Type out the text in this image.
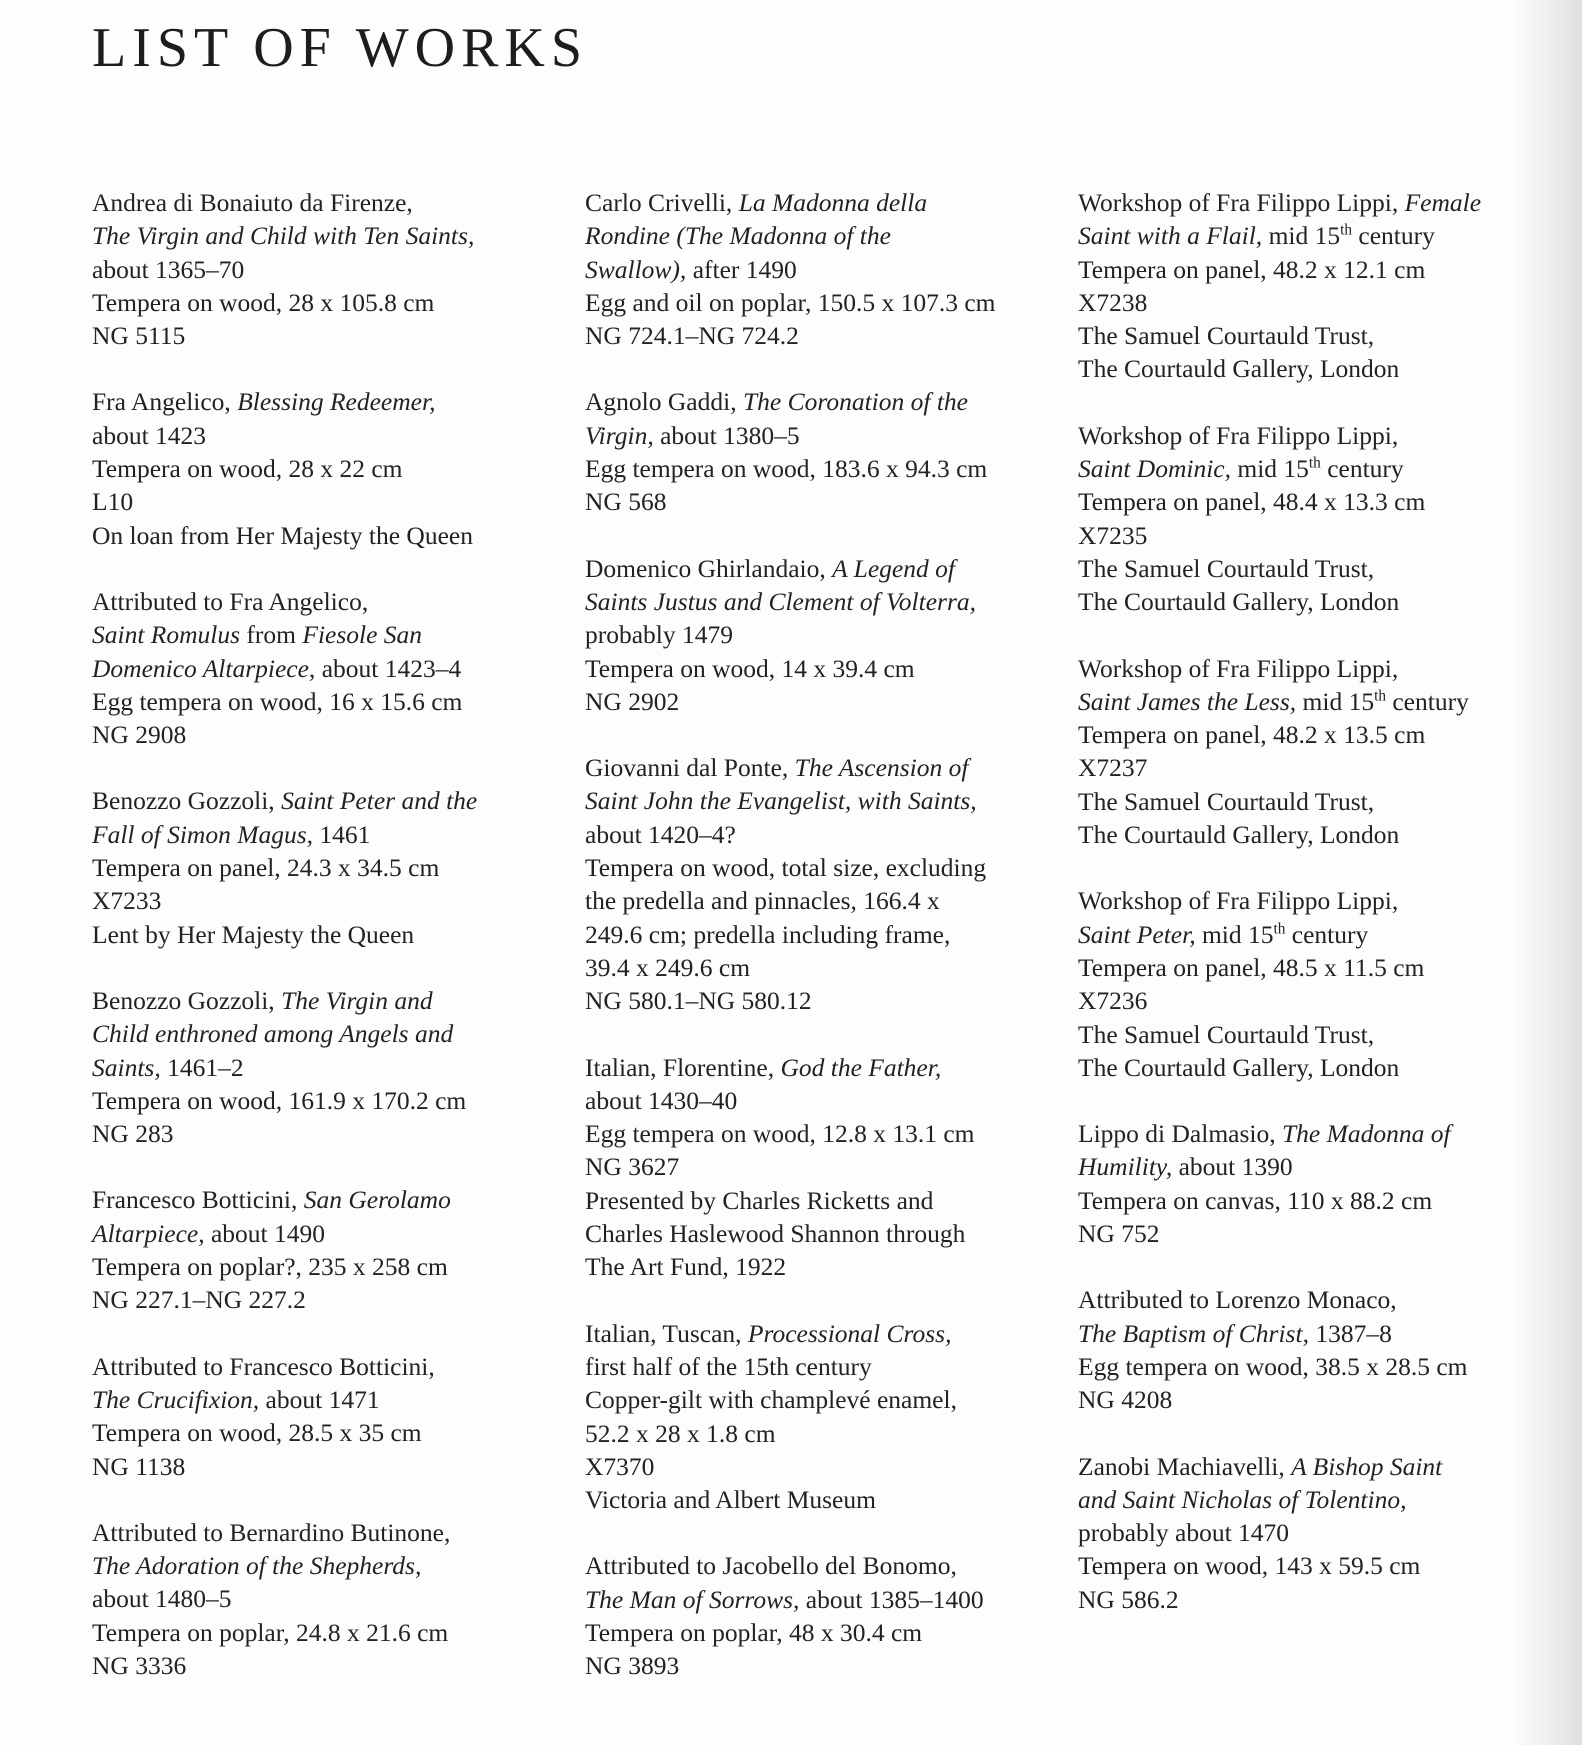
LIST OF WORKS
Andrea di Bonaiuto da Firenze,
The Virgin and Child with Ten Saints,
about 1365–70
Tempera on wood, 28 x 105.8 cm
NG 5115
Fra Angelico, Blessing Redeemer,
about 1423
Tempera on wood, 28 x 22 cm
L10
On loan from Her Majesty the Queen
Attributed to Fra Angelico,
Saint Romulus from Fiesole San
Domenico Altarpiece, about 1423–4
Egg tempera on wood, 16 x 15.6 cm
NG 2908
Benozzo Gozzoli, Saint Peter and the
Fall of Simon Magus, 1461
Tempera on panel, 24.3 x 34.5 cm
X7233
Lent by Her Majesty the Queen
Benozzo Gozzoli, The Virgin and
Child enthroned among Angels and
Saints, 1461–2
Tempera on wood, 161.9 x 170.2 cm
NG 283
Francesco Botticini, San Gerolamo
Altarpiece, about 1490
Tempera on poplar?, 235 x 258 cm
NG 227.1–NG 227.2
Attributed to Francesco Botticini,
The Crucifixion, about 1471
Tempera on wood, 28.5 x 35 cm
NG 1138
Attributed to Bernardino Butinone,
The Adoration of the Shepherds,
about 1480–5
Tempera on poplar, 24.8 x 21.6 cm
NG 3336
Carlo Crivelli, La Madonna della
Rondine (The Madonna of the
Swallow), after 1490
Egg and oil on poplar, 150.5 x 107.3 cm
NG 724.1–NG 724.2
Agnolo Gaddi, The Coronation of the
Virgin, about 1380–5
Egg tempera on wood, 183.6 x 94.3 cm
NG 568
Domenico Ghirlandaio, A Legend of
Saints Justus and Clement of Volterra,
probably 1479
Tempera on wood, 14 x 39.4 cm
NG 2902
Giovanni dal Ponte, The Ascension of
Saint John the Evangelist, with Saints,
about 1420–4?
Tempera on wood, total size, excluding
the predella and pinnacles, 166.4 x
249.6 cm; predella including frame,
39.4 x 249.6 cm
NG 580.1–NG 580.12
Italian, Florentine, God the Father,
about 1430–40
Egg tempera on wood, 12.8 x 13.1 cm
NG 3627
Presented by Charles Ricketts and
Charles Haslewood Shannon through
The Art Fund, 1922
Italian, Tuscan, Processional Cross,
first half of the 15th century
Copper-gilt with champlevé enamel,
52.2 x 28 x 1.8 cm
X7370
Victoria and Albert Museum
Attributed to Jacobello del Bonomo,
The Man of Sorrows, about 1385–1400
Tempera on poplar, 48 x 30.4 cm
NG 3893
Workshop of Fra Filippo Lippi, Female
Saint with a Flail, mid 15th century
Tempera on panel, 48.2 x 12.1 cm
X7238
The Samuel Courtauld Trust,
The Courtauld Gallery, London
Workshop of Fra Filippo Lippi,
Saint Dominic, mid 15th century
Tempera on panel, 48.4 x 13.3 cm
X7235
The Samuel Courtauld Trust,
The Courtauld Gallery, London
Workshop of Fra Filippo Lippi,
Saint James the Less, mid 15th century
Tempera on panel, 48.2 x 13.5 cm
X7237
The Samuel Courtauld Trust,
The Courtauld Gallery, London
Workshop of Fra Filippo Lippi,
Saint Peter, mid 15th century
Tempera on panel, 48.5 x 11.5 cm
X7236
The Samuel Courtauld Trust,
The Courtauld Gallery, London
Lippo di Dalmasio, The Madonna of
Humility, about 1390
Tempera on canvas, 110 x 88.2 cm
NG 752
Attributed to Lorenzo Monaco,
The Baptism of Christ, 1387–8
Egg tempera on wood, 38.5 x 28.5 cm
NG 4208
Zanobi Machiavelli, A Bishop Saint
and Saint Nicholas of Tolentino,
probably about 1470
Tempera on wood, 143 x 59.5 cm
NG 586.2
